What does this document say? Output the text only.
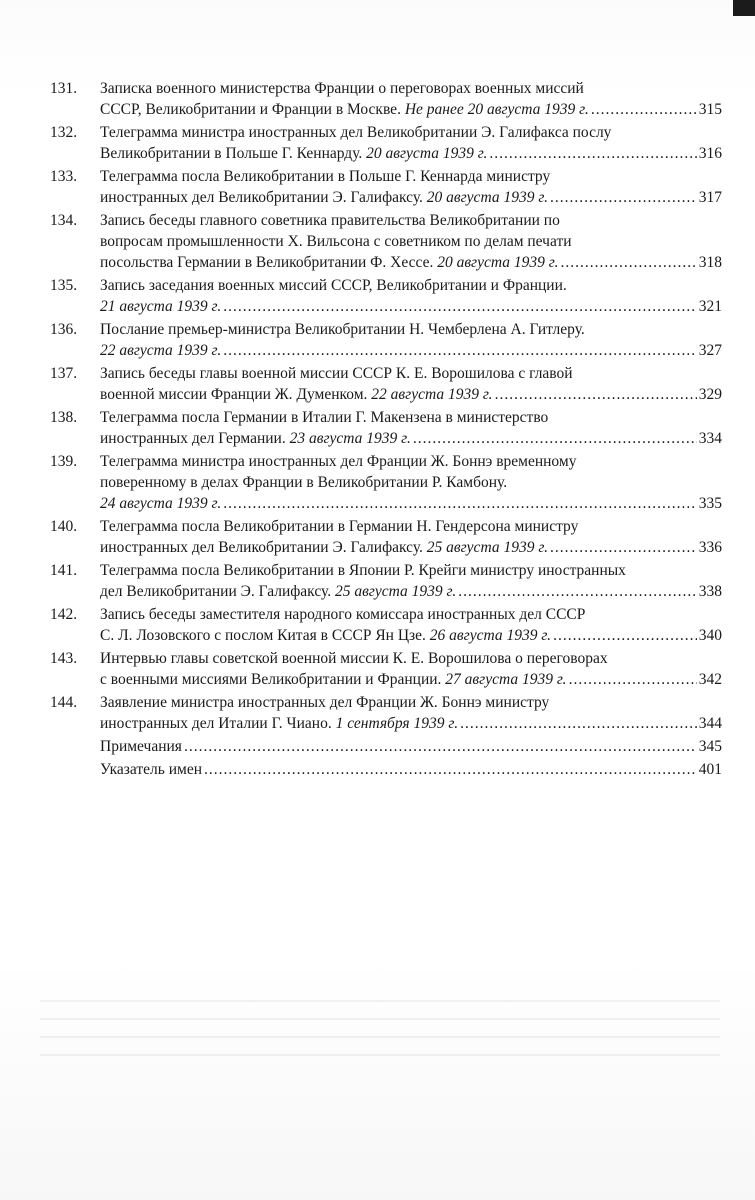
131.	Записка военного министерства Франции о переговорах военных миссий
СССР, Великобритании и Франции в Москве. Не ранее 20 августа 1939 г. .....	315
132.	Телеграмма министра иностранных дел Великобритании Э. Галифакса послу
Великобритании в Польше Г. Кеннарду. 20 августа 1939 г. .....	316
133.	Телеграмма посла Великобритании в Польше Г. Кеннарда министру
иностранных дел Великобритании Э. Галифаксу. 20 августа 1939 г. .....	317
134.	Запись беседы главного советника правительства Великобритании по
вопросам промышленности Х. Вильсона с советником по делам печати
посольства Германии в Великобритании Ф. Хессе. 20 августа 1939 г. .....	318
135.	Запись заседания военных миссий СССР, Великобритании и Франции.
21 августа 1939 г. .....	321
136.	Послание премьер-министра Великобритании Н. Чемберлена А. Гитлеру.
22 августа 1939 г. .....	327
137.	Запись беседы главы военной миссии СССР К. Е. Ворошилова с главой
военной миссии Франции Ж. Думенком. 22 августа 1939 г. .....	329
138.	Телеграмма посла Германии в Италии Г. Макензена в министерство
иностранных дел Германии. 23 августа 1939 г. .....	334
139.	Телеграмма министра иностранных дел Франции Ж. Боннэ временному
поверенному в делах Франции в Великобритании Р. Камбону.
24 августа 1939 г. .....	335
140.	Телеграмма посла Великобритании в Германии Н. Гендерсона министру
иностранных дел Великобритании Э. Галифаксу. 25 августа 1939 г. .....	336
141.	Телеграмма посла Великобритании в Японии Р. Крейги министру иностранных
дел Великобритании Э. Галифаксу. 25 августа 1939 г. .....	338
142.	Запись беседы заместителя народного комиссара иностранных дел СССР
С. Л. Лозовского с послом Китая в СССР Ян Цзе. 26 августа 1939 г. .....	340
143.	Интервью главы советской военной миссии К. Е. Ворошилова о переговорах
с военными миссиями Великобритании и Франции. 27 августа 1939 г. .....	342
144.	Заявление министра иностранных дел Франции Ж. Боннэ министру
иностранных дел Италии Г. Чиано. 1 сентября 1939 г. .....	344
Примечания .....	345
Указатель имен .....	401
